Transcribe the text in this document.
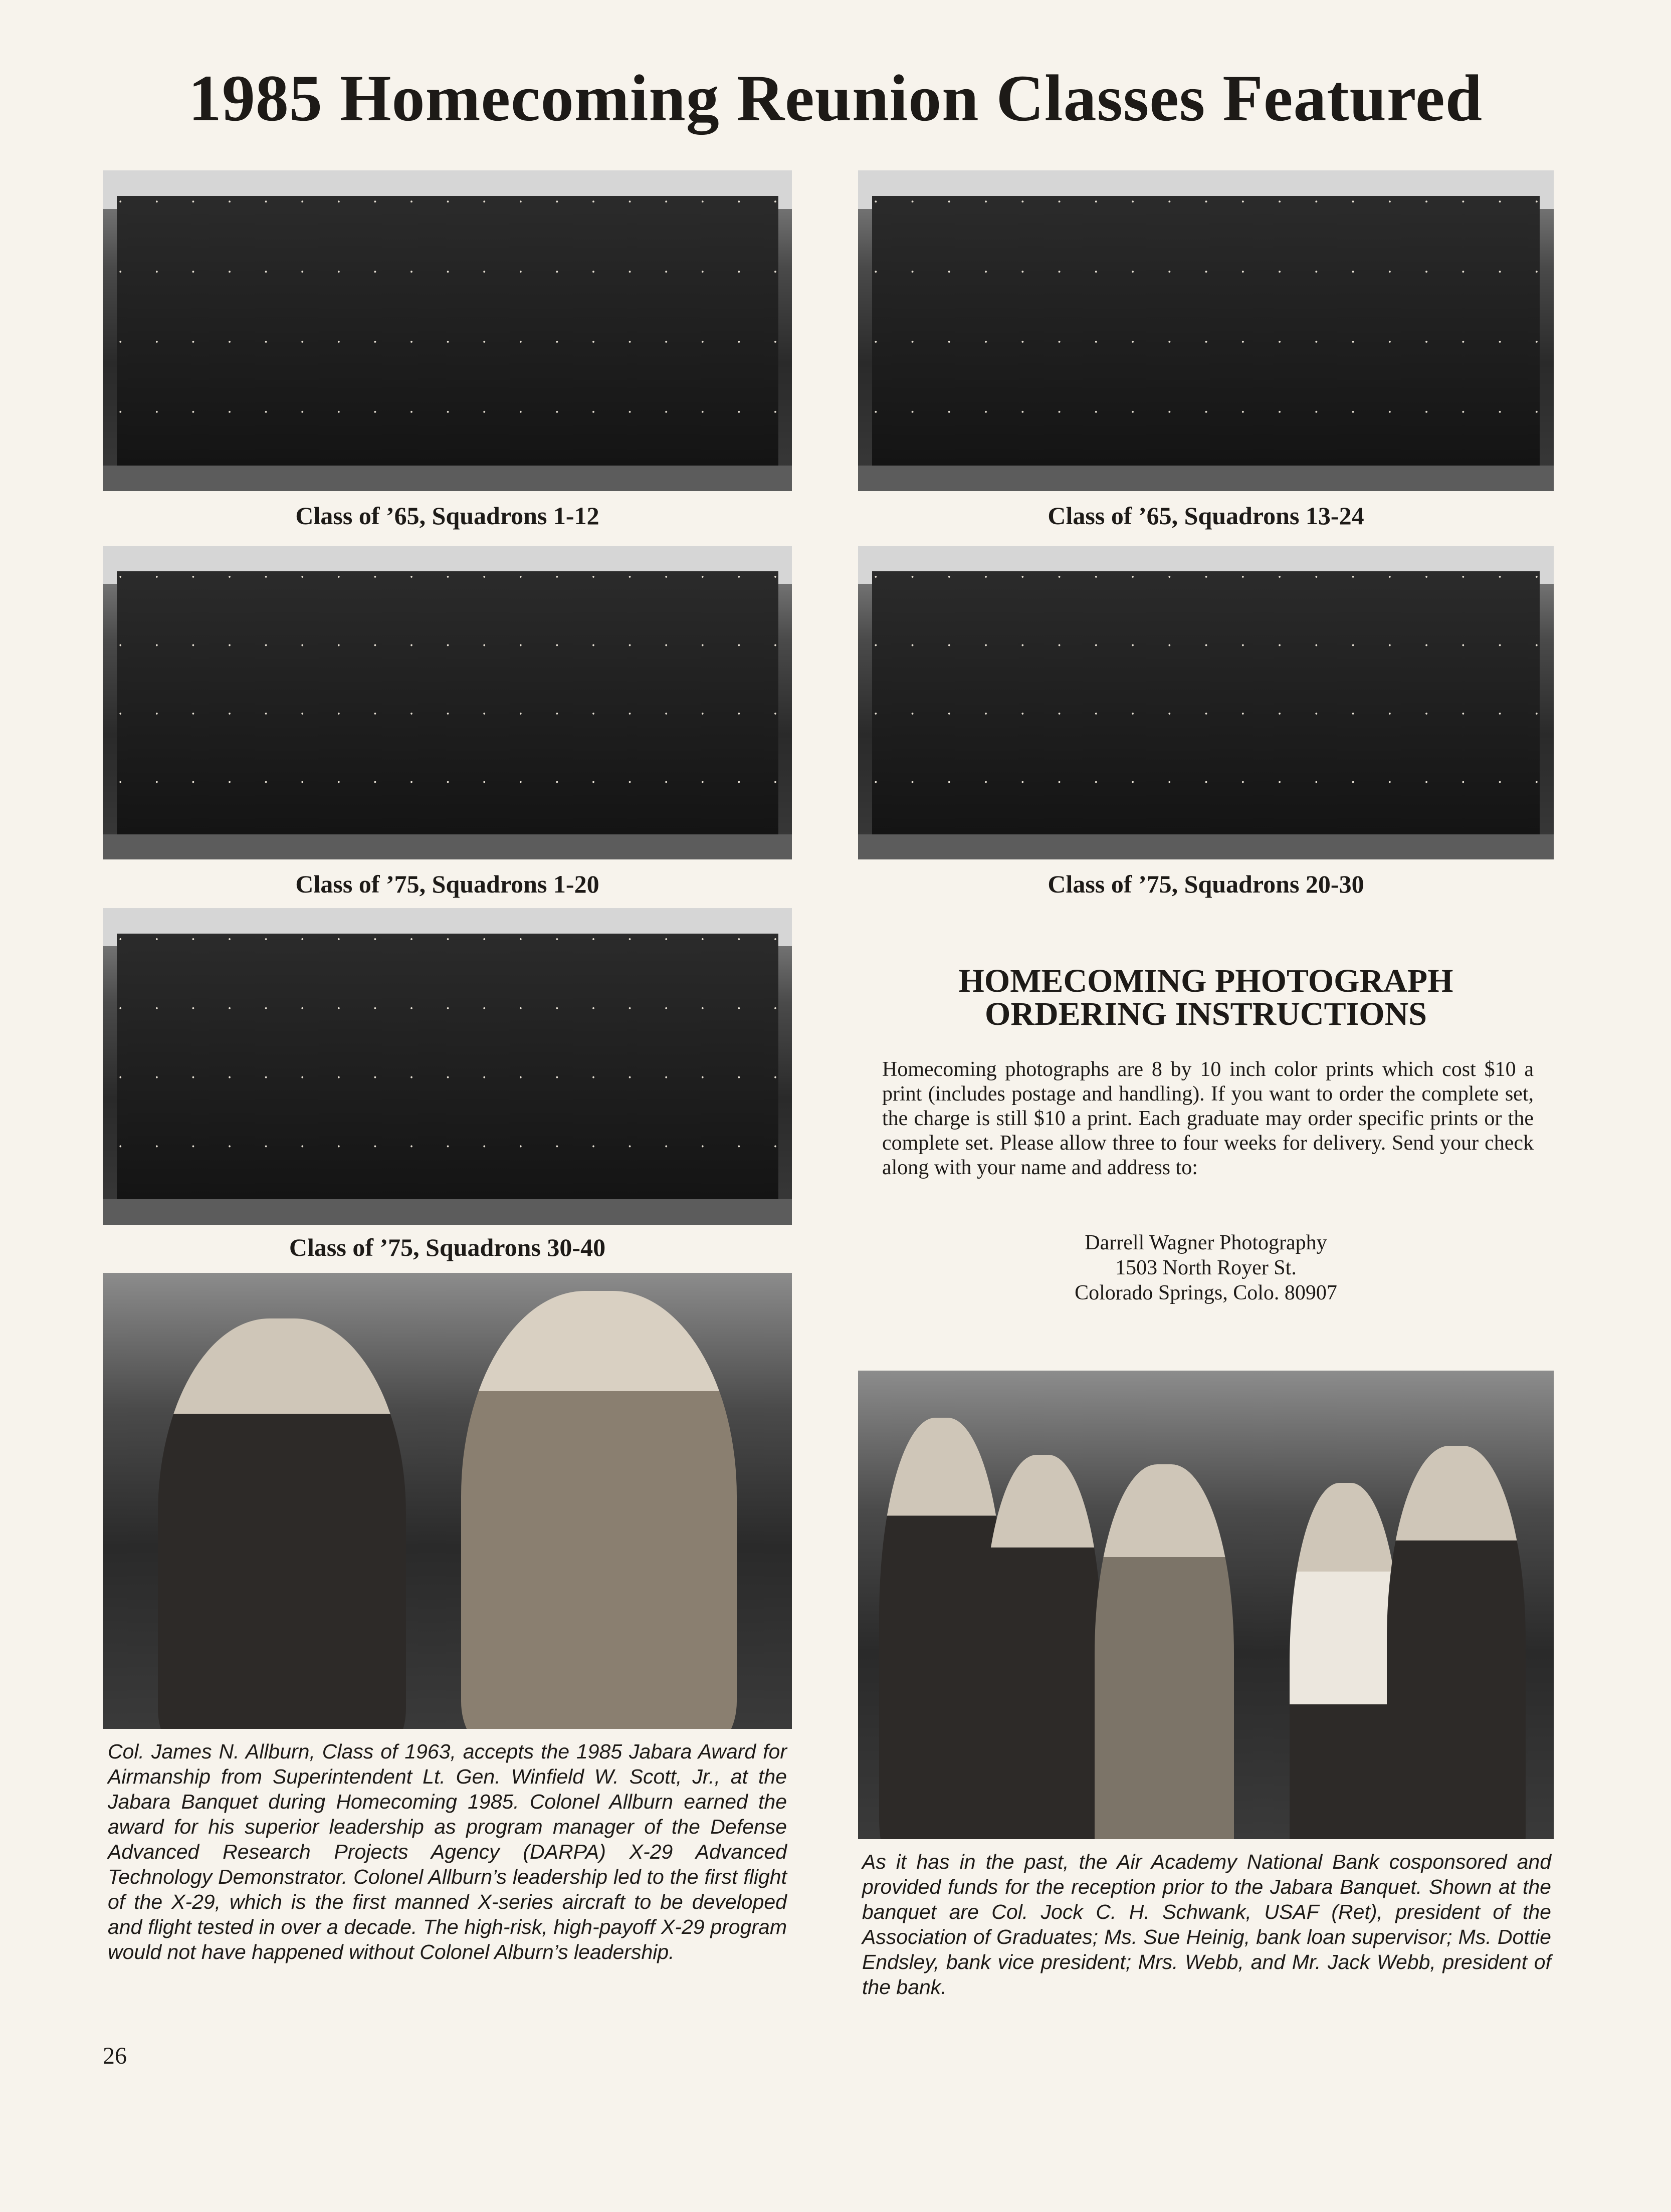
1985 Homecoming Reunion Classes Featured
Class of ’65, Squadrons 1-12	Class of ’65, Squadrons 13-24
Class of ’75, Squadrons 1-20	Class of ’75, Squadrons 20-30
Class of ’75, Squadrons 30-40
HOMECOMING PHOTOGRAPH
ORDERING INSTRUCTIONS
Homecoming photographs are 8 by 10 inch color prints which cost $10 a print (includes postage and handling). If you want to order the complete set, the charge is still $10 a print. Each graduate may order specific prints or the complete set. Please allow three to four weeks for delivery. Send your check along with your name and address to:
Darrell Wagner Photography
1503 North Royer St.
Colorado Springs, Colo. 80907
Col. James N. Allburn, Class of 1963, accepts the 1985 Jabara Award for Airmanship from Superintendent Lt. Gen. Winfield W. Scott, Jr., at the Jabara Banquet during Homecoming 1985. Colonel Allburn earned the award for his superior leadership as program manager of the Defense Advanced Research Projects Agency (DARPA) X-29 Advanced Technology Demonstrator. Colonel Allburn’s leadership led to the first flight of the X-29, which is the first manned X-series aircraft to be developed and flight tested in over a decade. The high-risk, high-payoff X-29 program would not have happened without Colonel Alburn’s leadership.
As it has in the past, the Air Academy National Bank cosponsored and provided funds for the reception prior to the Jabara Banquet. Shown at the banquet are Col. Jock C. H. Schwank, USAF (Ret), president of the Association of Graduates; Ms. Sue Heinig, bank loan supervisor; Ms. Dottie Endsley, bank vice president; Mrs. Webb, and Mr. Jack Webb, president of the bank.
26
